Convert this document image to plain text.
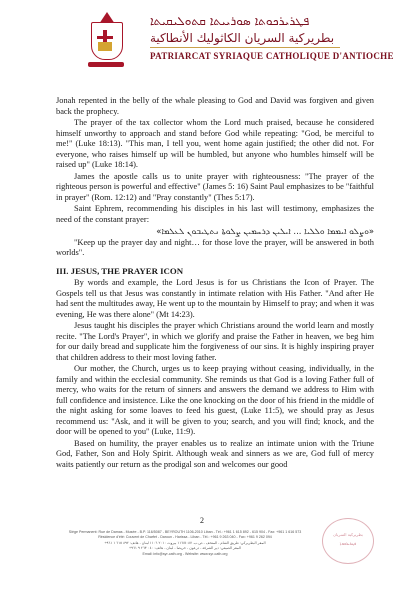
ܦܛܪܝܪܟܘܬܐ ܣܘܪܝܝܬܐ ܩܬܘܠܝܩܝܬܐ
بطريركية السريان الكاثوليك الأنطاكية
PATRIARCAT SYRIAQUE CATHOLIQUE D'ANTIOCHE

Jonah repented in the belly of the whale pleasing to God and David was forgiven and given back the prophecy.

The prayer of the tax collector whom the Lord much praised, because he considered himself unworthy to approach and stand before God while repeating: "God, be merciful to me!" (Luke 18:13). "This man, I tell you, went home again justified; the other did not. For everyone, who raises himself up will be humbled, but anyone who humbles himself will be raised up" (Luke 18:14).

James the apostle calls us to unite prayer with righteousness: "The prayer of the righteous person is powerful and effective" (James 5: 16) Saint Paul emphasizes to be "faithful in prayer" (Rom. 12:12) and "Pray constantly" (Thes 5:17).

Saint Ephrem, recommending his disciples in his last will testimony, emphasizes the need of the constant prayer:

«ܘܨܠܘ ܐܝܡܡܐ ܘܠܠܝܐ ... ܐܝܠܝܢ ܕܪܚܡܝܢ ܨܠܘܬܐ ܢܬܛܝܒܘܢ ܠܥܠܡܐ»

"Keep up the prayer day and night… for those love the prayer, will be answered in both worlds".

III. JESUS, THE PRAYER ICON

By words and example, the Lord Jesus is for us Christians the Icon of Prayer. The Gospels tell us that Jesus was constantly in intimate relation with His Father. "And after He had sent the multitudes away, He went up to the mountain by Himself to pray; and when it was evening, He was there alone" (Mt 14:23).

Jesus taught his disciples the prayer which Christians around the world learn and mostly recite. "The Lord's Prayer", in which we glorify and praise the Father in heaven, we beg him for our daily bread and supplicate him the forgiveness of our sins. It is highly inspiring prayer that children address to their most loving father.

Our mother, the Church, urges us to keep praying without ceasing, individually, in the family and within the ecclesial community. She reminds us that God is a loving Father full of mercy, who waits for the return of sinners and answers the demand we address to Him with full confidence and insistence. Like the one knocking on the door of his friend in the middle of the night asking for some loaves to feed his guest, (Luke 11:5), we should pray as Jesus recommend us: "Ask, and it will be given to you; search, and you will find; knock, and the door will be opened to you" (Luke, 11:9).

Based on humility, the prayer enables us to realize an intimate union with the Triune God, Father, Son and Holy Spirit. Although weak and sinners as we are, God full of mercy waits patiently our return as the prodigal son and welcomes our good

2
Siège Permanent: Rue de Damas - Musée - B.P. 116/5087 - BEYROUTH 1106-2010 Liban - Tél.: +961 1 615 892 - 615 904 - Fax: +961 1 616 573
Résidence d'été: Couvent de Charfet - Daroun - Harissa - Liban - Tél.: +961 9 263 040 - Fax: +961 9 262 094
المقر البطريركي: طريق الشام - المتحف - ص.ب. ١١٦/٥٠٨٧ بيروت ٢٠١٠ ١١٠٦ لبنان - هاتف: ٨٩٢ ٦١٥ ١ ٩٦١+
المقر الصيفي: دير الشرفة - درعون - حريصا - لبنان - هاتف: ٠٤٠ ٢٦٣ ٩ ٩٦١+
Email: info@syr-cath.org - Website: www.syr-cath.org
بطريركية السريان
ܦܛܪܝܪܟܘܬܐ
